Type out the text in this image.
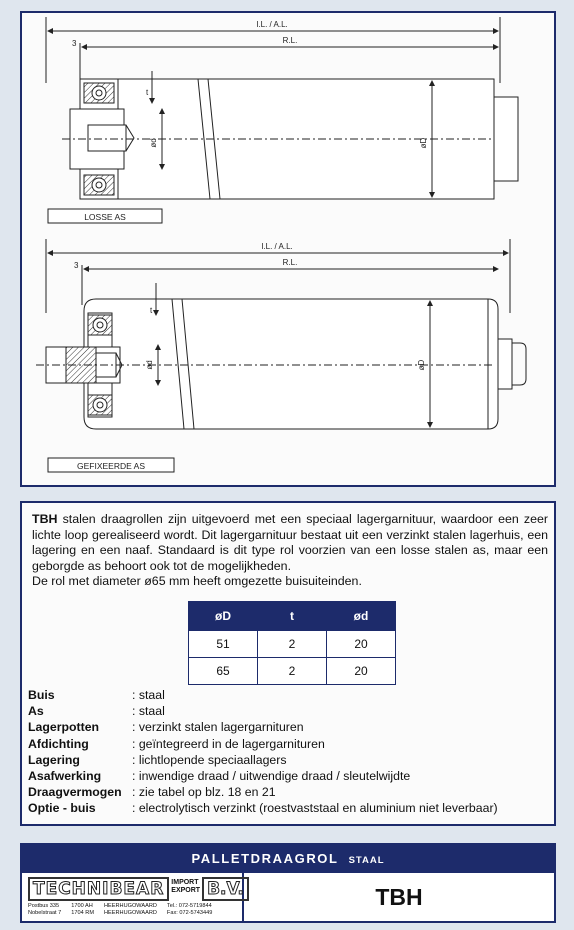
I.L. / A.L.
R.L.
3
ød
t
øD
LOSSE AS
I.L. / A.L.
R.L.
3
ød
t
øD
GEFIXEERDE AS
TBH stalen draagrollen zijn uitgevoerd met een speciaal lagergarnituur, waardoor een zeer lichte loop gerealiseerd wordt. Dit lagergarnituur bestaat uit een verzinkt stalen lagerhuis, een lagering en een naaf. Standaard is dit type rol voorzien van een losse stalen as, maar een geborgde as behoort ook tot de mogelijkheden.
De rol met diameter ø65 mm heeft omgezette buisuiteinden.
øD	t	ød
51	2	20
65	2	20
Buis	: staal
As	: staal
Lagerpotten	: verzinkt stalen lagergarnituren
Afdichting	: geïntegreerd in de lagergarnituren
Lagering	: lichtlopende speciaallagers
Asafwerking	: inwendige draad / uitwendige draad / sleutelwijdte
Draagvermogen : zie tabel op blz. 18 en 21
Optie - buis	: electrolytisch verzinkt (roestvaststaal en aluminium niet leverbaar)
PALLETDRAAGROL STAAL
TECHNIBEAR	IMPORT
EXPORT B.V.
Postbus 335
Nobelstraat 7
1700 AH
1704 RM
HEERHUGOWAARD
HEERHUGOWAARD
Tel.: 072-5719844
Fax: 072-5743449
TBH
